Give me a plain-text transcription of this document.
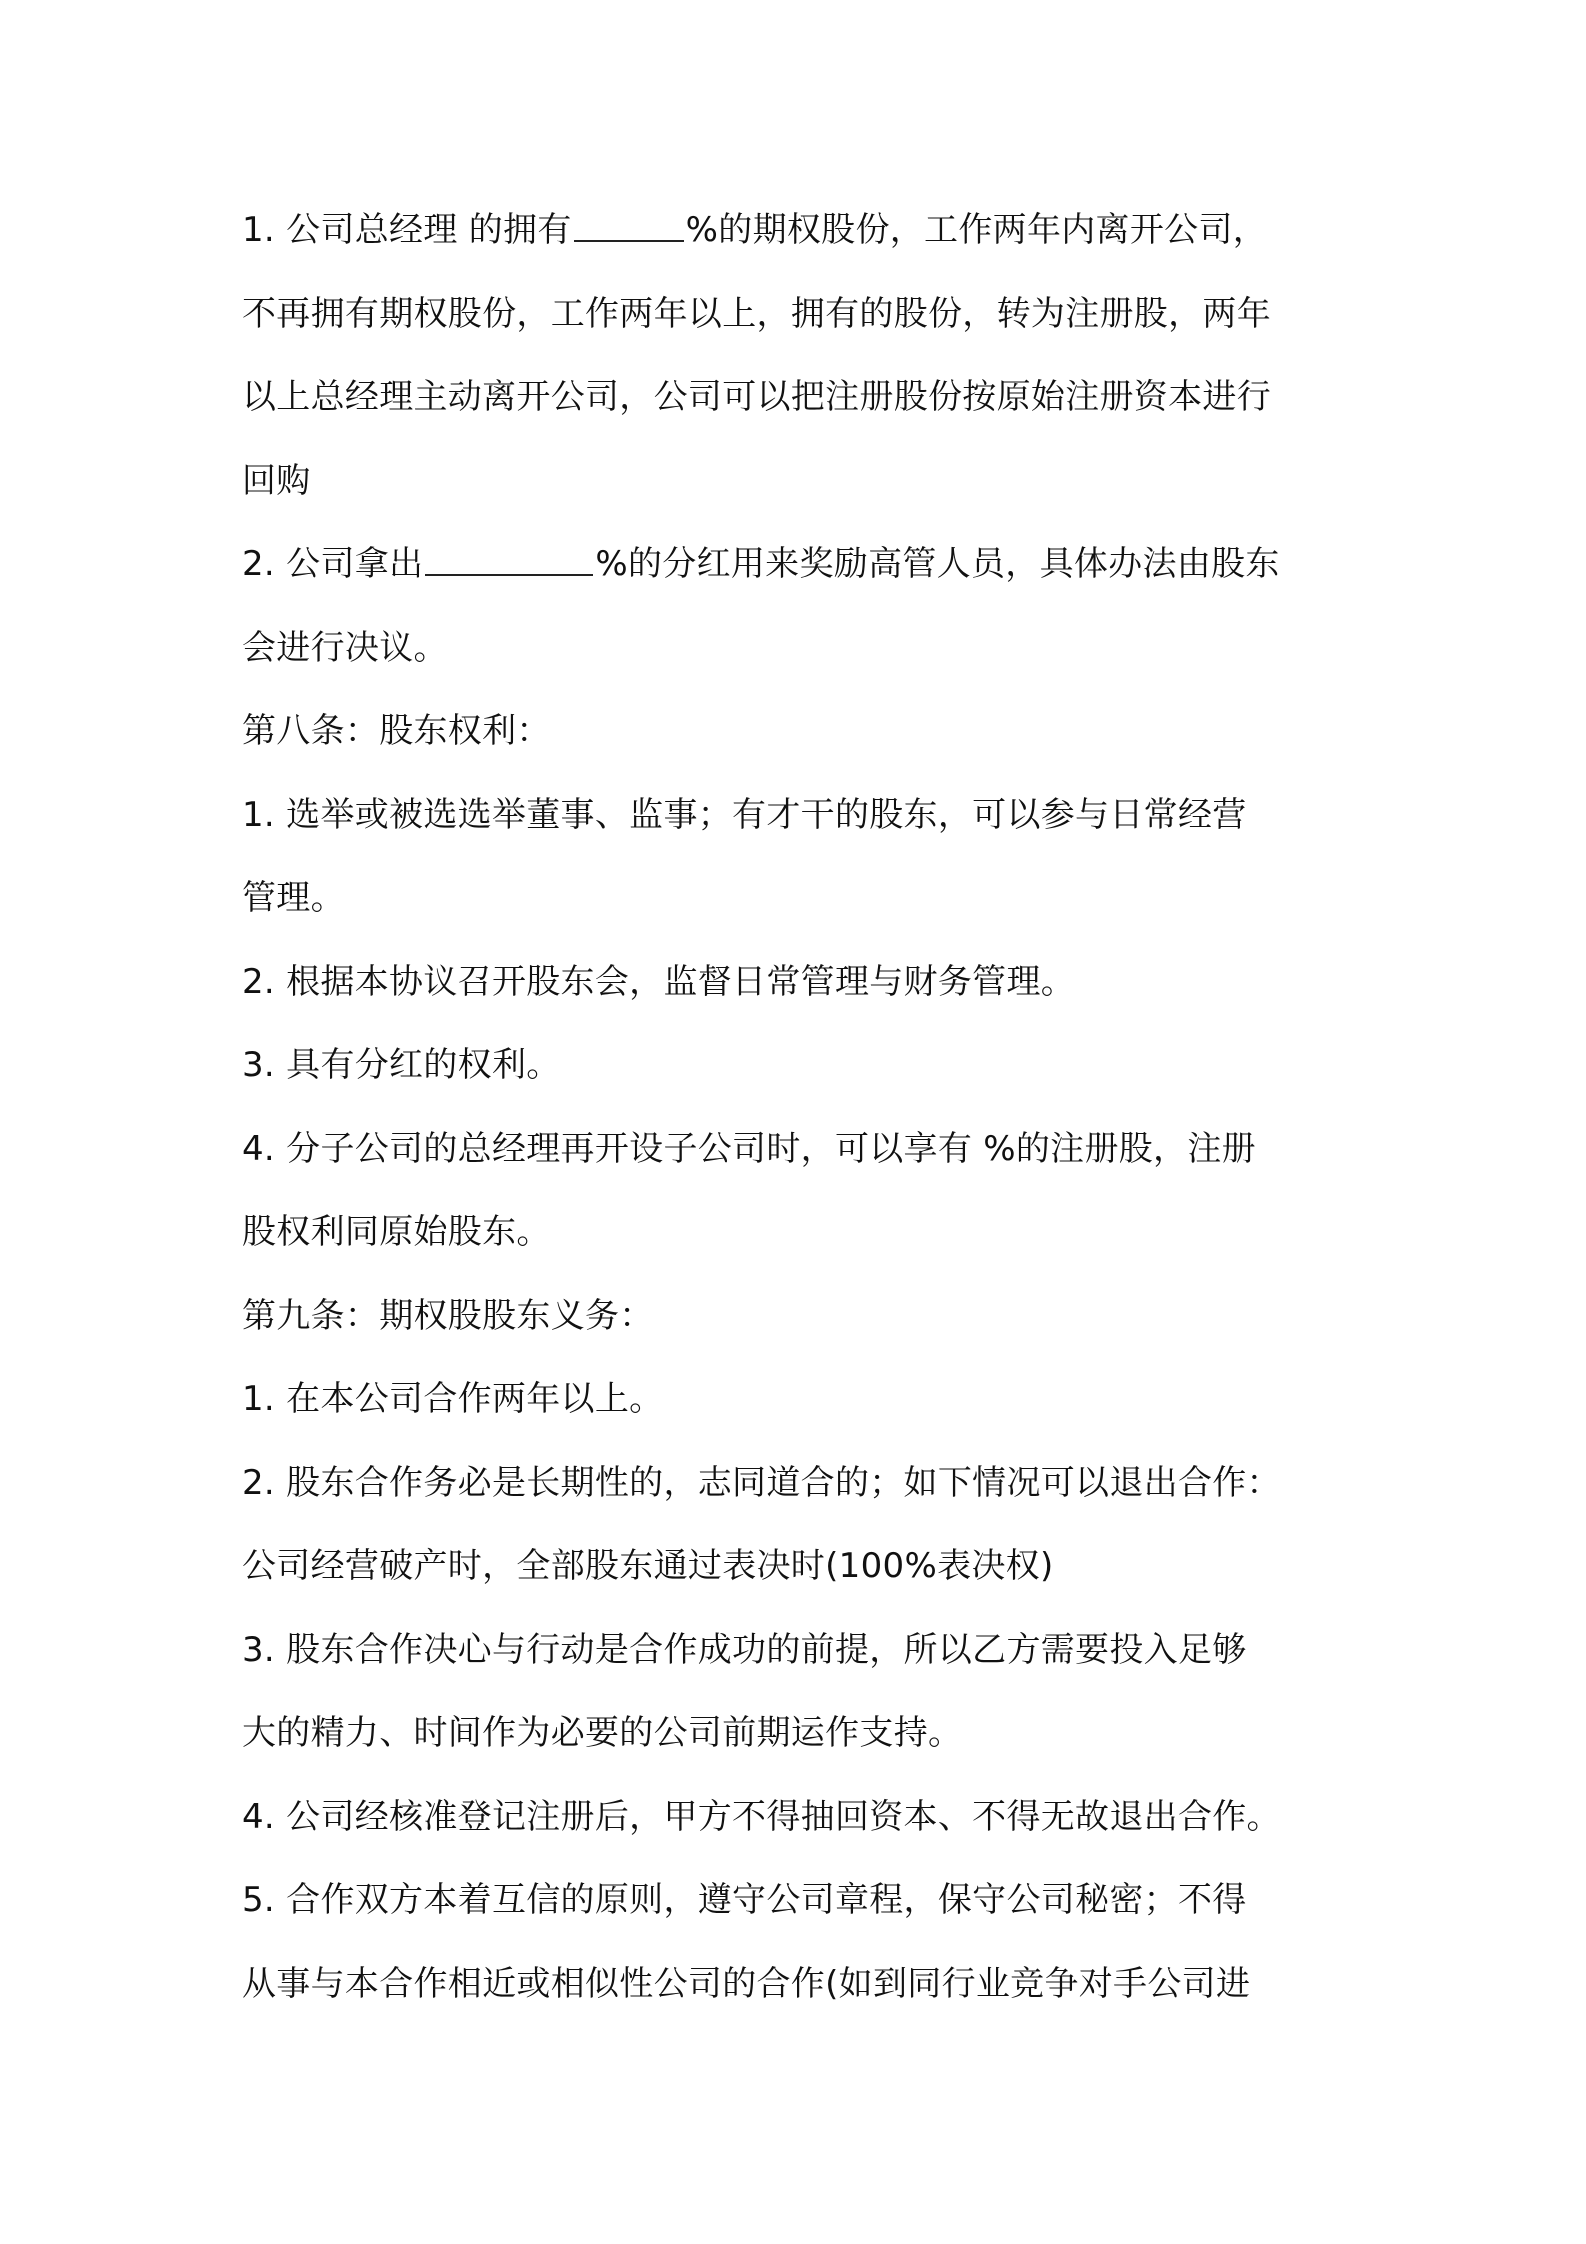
1. 公司总经理 的拥有	%的期权股份，工作两年内离开公司，
不再拥有期权股份，工作两年以上，拥有的股份，转为注册股，两年
以上总经理主动离开公司，公司可以把注册股份按原始注册资本进行
回购
2. 公司拿出	%的分红用来奖励高管人员，具体办法由股东
会进行决议。
第八条：股东权利：
1. 选举或被选选举董事、监事；有才干的股东，可以参与日常经营
管理。
2. 根据本协议召开股东会，监督日常管理与财务管理。
3. 具有分红的权利。
4. 分子公司的总经理再开设子公司时，可以享有 %的注册股，注册
股权利同原始股东。
第九条：期权股股东义务：
1. 在本公司合作两年以上。
2. 股东合作务必是长期性的，志同道合的；如下情况可以退出合作：
公司经营破产时，全部股东通过表决时(100%表决权)
3. 股东合作决心与行动是合作成功的前提，所以乙方需要投入足够
大的精力、时间作为必要的公司前期运作支持。
4. 公司经核准登记注册后，甲方不得抽回资本、不得无故退出合作。
5. 合作双方本着互信的原则，遵守公司章程，保守公司秘密；不得
从事与本合作相近或相似性公司的合作(如到同行业竞争对手公司进
